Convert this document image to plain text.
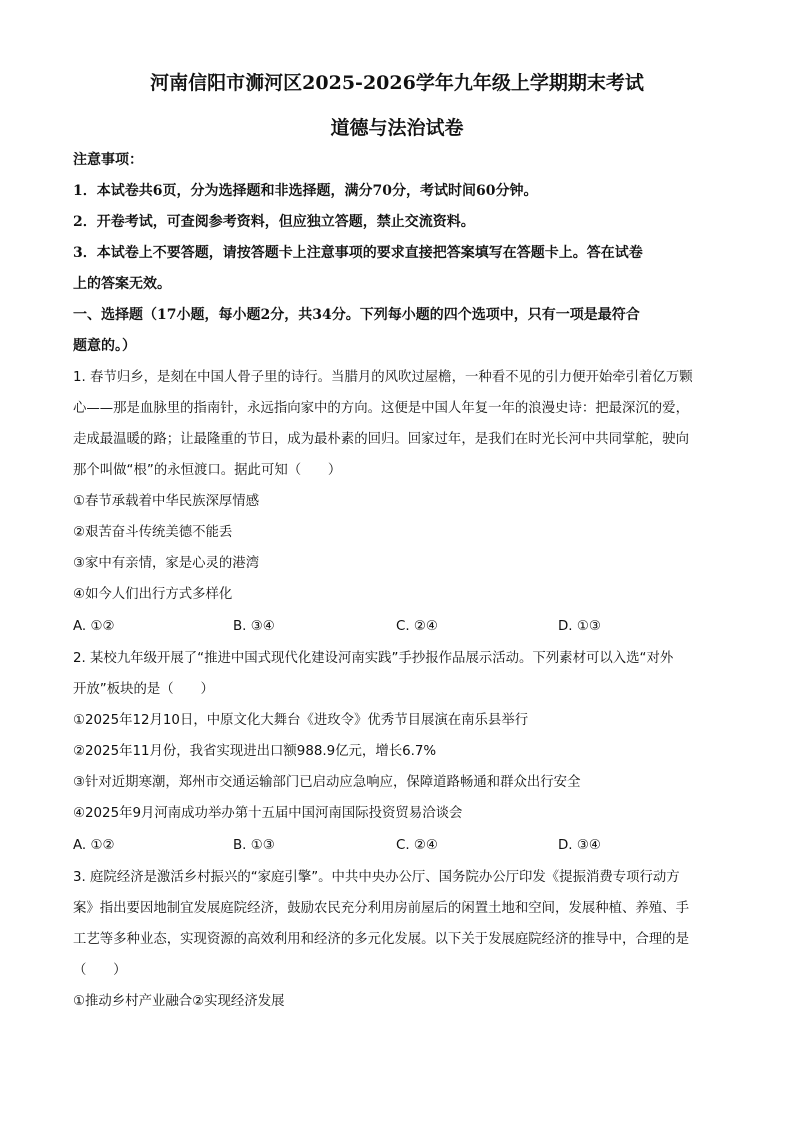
河南信阳市浉河区2025-2026学年九年级上学期期末考试
道德与法治试卷
注意事项：
1．本试卷共6页，分为选择题和非选择题，满分70分，考试时间60分钟。
2．开卷考试，可查阅参考资料，但应独立答题，禁止交流资料。
3．本试卷上不要答题，请按答题卡上注意事项的要求直接把答案填写在答题卡上。答在试卷
上的答案无效。
一、选择题（17小题，每小题2分，共34分。下列每小题的四个选项中，只有一项是最符合
题意的。）
1. 春节归乡，是刻在中国人骨子里的诗行。当腊月的风吹过屋檐，一种看不见的引力便开始牵引着亿万颗
心——那是血脉里的指南针，永远指向家中的方向。这便是中国人年复一年的浪漫史诗：把最深沉的爱，
走成最温暖的路；让最隆重的节日，成为最朴素的回归。回家过年，是我们在时光长河中共同掌舵，驶向
那个叫做“根”的永恒渡口。据此可知（　　）
①春节承载着中华民族深厚情感
②艰苦奋斗传统美德不能丢
③家中有亲情，家是心灵的港湾
④如今人们出行方式多样化
A. ①②	B. ③④	C. ②④	D. ①③
2. 某校九年级开展了“推进中国式现代化建设河南实践”手抄报作品展示活动。下列素材可以入选“对外
开放”板块的是（　　）
①2025年12月10日，中原文化大舞台《进玫令》优秀节目展演在南乐县举行
②2025年11月份，我省实现进出口额988.9亿元，增长6.7%
③针对近期寒潮，郑州市交通运输部门已启动应急响应，保障道路畅通和群众出行安全
④2025年9月河南成功举办第十五届中国河南国际投资贸易洽谈会
A. ①②	B. ①③	C. ②④	D. ③④
3. 庭院经济是激活乡村振兴的“家庭引擎”。中共中央办公厅、国务院办公厅印发《提振消费专项行动方
案》指出要因地制宜发展庭院经济，鼓励农民充分利用房前屋后的闲置土地和空间，发展种植、养殖、手
工艺等多种业态，实现资源的高效利用和经济的多元化发展。以下关于发展庭院经济的推导中，合理的是
（　　）
①推动乡村产业融合②实现经济发展
